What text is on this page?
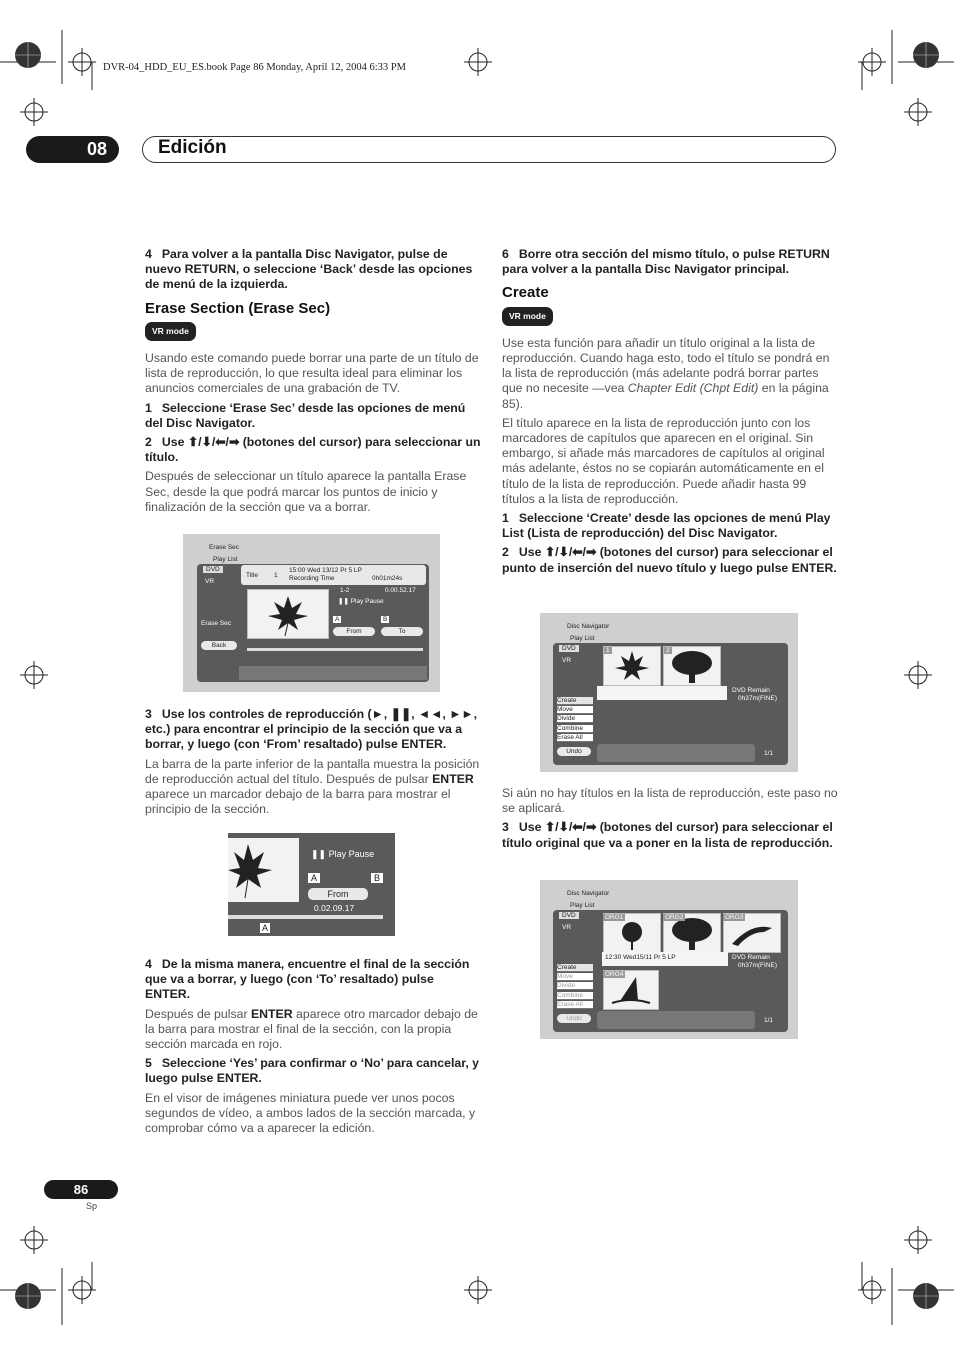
DVR-04_HDD_EU_ES.book Page 86 Monday, April 12, 2004 6:33 PM
08	Edición

4 Para volver a la pantalla Disc Navigator, pulse de nuevo RETURN, o seleccione ‘Back’ desde las opciones de menú de la izquierda.

Erase Section (Erase Sec)
VR mode

Usando este comando puede borrar una parte de un título de lista de reproducción, lo que resulta ideal para eliminar los anuncios comerciales de una grabación de TV.

1 Seleccione ‘Erase Sec’ desde las opciones de menú del Disc Navigator.

2 Use ⬆/⬇/⬅/➡ (botones del cursor) para seleccionar un título.

Después de seleccionar un título aparece la pantalla Erase Sec, desde la que podrá marcar los puntos de inicio y finalización de la sección que va a borrar.

Erase Sec
Play List
DVD
VR
Title 1
15:00 Wed 13/12 Pr 5 LP
Recording Time	0h01m24s
1-2	0.00.52.17
❚❚ Play Pause
Erase Sec
Back
A	B
From	To

3 Use los controles de reproducción (►, ❚❚, ◄◄, ►►, etc.) para encontrar el principio de la sección que va a borrar, y luego (con ‘From’ resaltado) pulse ENTER.

La barra de la parte inferior de la pantalla muestra la posición de reproducción actual del título. Después de pulsar ENTER aparece un marcador debajo de la barra para mostrar el principio de la sección.

❚❚ Play Pause
A	B
From
0.02.09.17
A

4 De la misma manera, encuentre el final de la sección que va a borrar, y luego (con ‘To’ resaltado) pulse ENTER.

Después de pulsar ENTER aparece otro marcador debajo de la barra para mostrar el final de la sección, con la propia sección marcada en rojo.

5 Seleccione ‘Yes’ para confirmar o ‘No’ para cancelar, y luego pulse ENTER.

En el visor de imágenes miniatura puede ver unos pocos segundos de vídeo, a ambos lados de la sección marcada, y comprobar cómo va a aparecer la edición.

6 Borre otra sección del mismo título, o pulse RETURN para volver a la pantalla Disc Navigator principal.

Create
VR mode

Use esta función para añadir un título original a la lista de reproducción. Cuando haga esto, todo el título se pondrá en la lista de reproducción (más adelante podrá borrar partes que no necesite —vea Chapter Edit (Chpt Edit) en la página 85).

El título aparece en la lista de reproducción junto con los marcadores de capítulos que aparecen en el original. Sin embargo, si añade más marcadores de capítulos al original más adelante, éstos no se copiarán automáticamente en el título de la lista de reproducción. Puede añadir hasta 99 títulos a la lista de reproducción.

1 Seleccione ‘Create’ desde las opciones de menú Play List (Lista de reproducción) del Disc Navigator.

2 Use ⬆/⬇/⬅/➡ (botones del cursor) para seleccionar el punto de inserción del nuevo título y luego pulse ENTER.

Disc Navigator
Play List
DVD
VR
1	2
DVD Remain
0h37m(FINE)
Create
Move
Divide
Combine
Erase All
Undo	1/1

Si aún no hay títulos en la lista de reproducción, este paso no se aplicará.

3 Use ⬆/⬇/⬅/➡ (botones del cursor) para seleccionar el título original que va a poner en la lista de reproducción.

Disc Navigator
Play List
DVD
VR
ORG1	ORG2	ORG3
12:30 Wed15/11 Pr 5 LP	DVD Remain
0h37m(FINE)
ORG4
Create
Move
Divide
Combine
Erase All
Undo	1/1
86
Sp
